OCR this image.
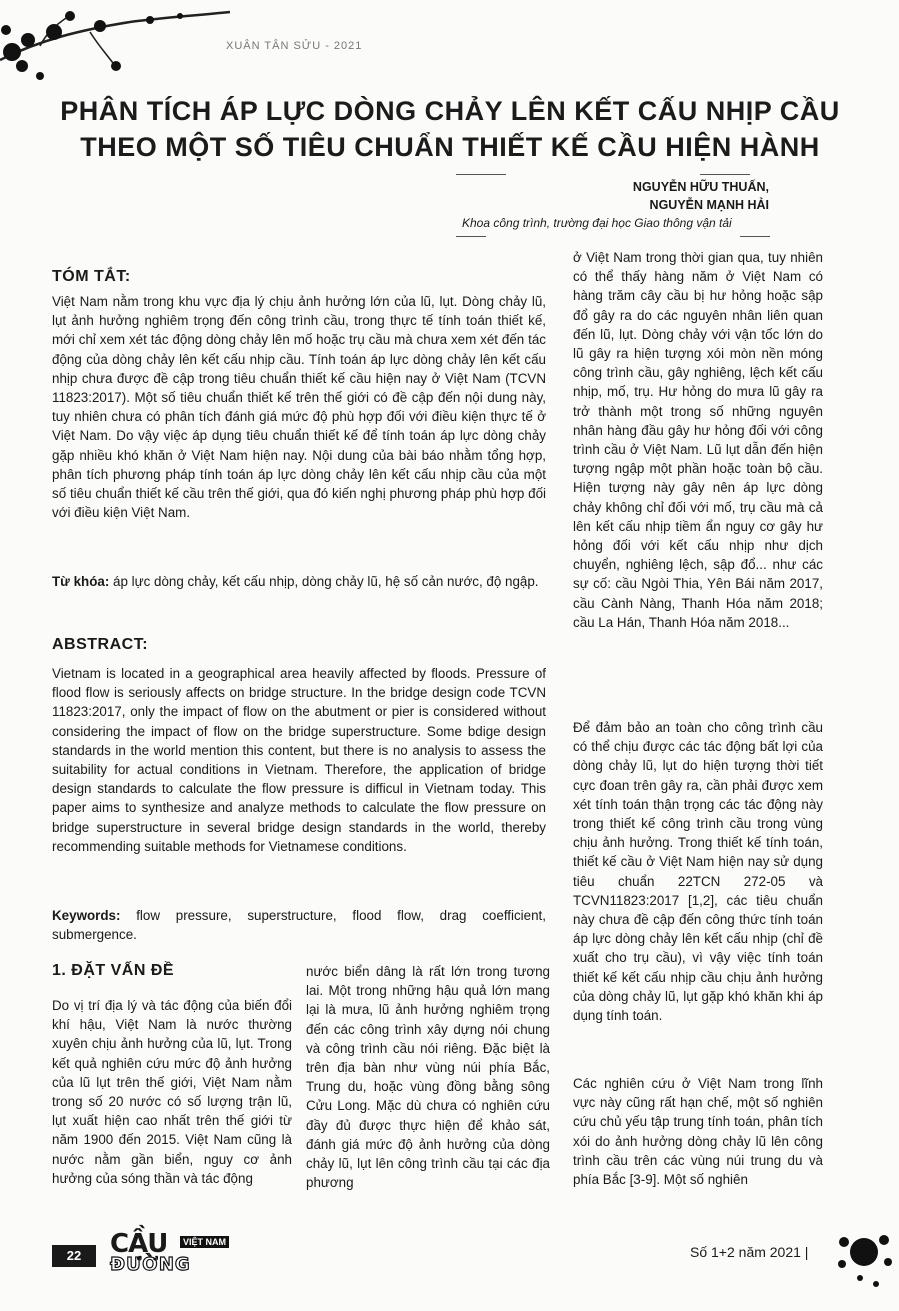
XUÂN TÂN SỬU - 2021
PHÂN TÍCH ÁP LỰC DÒNG CHẢY LÊN KẾT CẤU NHỊP CẦU
THEO MỘT SỐ TIÊU CHUẨN THIẾT KẾ CẦU HIỆN HÀNH
NGUYỄN HỮU THUẤN,
NGUYỄN MẠNH HẢI
Khoa công trình, trường đại học Giao thông vận tải
TÓM TẮT:

Việt Nam nằm trong khu vực địa lý chịu ảnh hưởng lớn của lũ, lụt. Dòng chảy lũ, lụt ảnh hưởng nghiêm trọng đến công trình cầu, trong thực tế tính toán thiết kế, mới chỉ xem xét tác động dòng chảy lên mố hoặc trụ cầu mà chưa xem xét đến tác động của dòng chảy lên kết cấu nhịp cầu. Tính toán áp lực dòng chảy lên kết cấu nhịp chưa được đề cập trong tiêu chuẩn thiết kế cầu hiện nay ở Việt Nam (TCVN 11823:2017). Một số tiêu chuẩn thiết kế trên thế giới có đề cập đến nội dung này, tuy nhiên chưa có phân tích đánh giá mức độ phù hợp đối với điều kiện thực tế ở Việt Nam. Do vậy việc áp dụng tiêu chuẩn thiết kế để tính toán áp lực dòng chảy gặp nhiều khó khăn ở Việt Nam hiện nay. Nội dung của bài báo nhằm tổng hợp, phân tích phương pháp tính toán áp lực dòng chảy lên kết cấu nhịp cầu của một số tiêu chuẩn thiết kế cầu trên thế giới, qua đó kiến nghị phương pháp phù hợp đối với điều kiện Việt Nam.

Từ khóa: áp lực dòng chảy, kết cấu nhịp, dòng chảy lũ, hệ số cản nước, độ ngập.

ABSTRACT:

Vietnam is located in a geographical area heavily affected by floods. Pressure of flood flow is seriously affects on bridge structure. In the bridge design code TCVN 11823:2017, only the impact of flow on the abutment or pier is considered without considering the impact of flow on the bridge superstructure. Some bdige design standards in the world mention this content, but there is no analysis to assess the suitability for actual conditions in Vietnam. Therefore, the application of bridge design standards to calculate the flow pressure is difficul in Vietnam today. This paper aims to synthesize and analyze methods to calculate the flow pressure on bridge superstructure in several bridge design standards in the world, thereby recommending suitable methods for Vietnamese conditions.

Keywords: flow pressure, superstructure, flood flow, drag coefficient, submergence.

ở Việt Nam trong thời gian qua, tuy nhiên có thể thấy hàng năm ở Việt Nam có hàng trăm cây cầu bị hư hỏng hoặc sập đổ gây ra do các nguyên nhân liên quan đến lũ, lụt. Dòng chảy với vận tốc lớn do lũ gây ra hiện tượng xói mòn nền móng công trình cầu, gây nghiêng, lệch kết cấu nhịp, mố, trụ. Hư hỏng do mưa lũ gây ra trở thành một trong số những nguyên nhân hàng đầu gây hư hỏng đối với công trình cầu ở Việt Nam. Lũ lụt dẫn đến hiện tượng ngập một phần hoặc toàn bộ cầu. Hiện tượng này gây nên áp lực dòng chảy không chỉ đối với mố, trụ cầu mà cả lên kết cấu nhịp tiềm ẩn nguy cơ gây hư hỏng đối với kết cấu nhịp như dịch chuyển, nghiêng lệch, sập đổ... như các sự cố: cầu Ngòi Thia, Yên Bái năm 2017, cầu Cành Nàng, Thanh Hóa năm 2018; cầu La Hán, Thanh Hóa năm 2018...

Để đảm bảo an toàn cho công trình cầu có thể chịu được các tác động bất lợi của dòng chảy lũ, lụt do hiện tượng thời tiết cực đoan trên gây ra, cần phải được xem xét tính toán thận trọng các tác động này trong thiết kế công trình cầu trong vùng chịu ảnh hưởng. Trong thiết kế tính toán, thiết kế cầu ở Việt Nam hiện nay sử dụng tiêu chuẩn 22TCN 272-05 và TCVN11823:2017 [1,2], các tiêu chuẩn này chưa đề cập đến công thức tính toán áp lực dòng chảy lên kết cấu nhịp (chỉ đề xuất cho trụ cầu), vì vậy việc tính toán thiết kế kết cấu nhịp cầu chịu ảnh hưởng của dòng chảy lũ, lụt gặp khó khăn khi áp dụng tính toán.

Các nghiên cứu ở Việt Nam trong lĩnh vực này cũng rất hạn chế, một số nghiên cứu chủ yếu tập trung tính toán, phân tích xói do ảnh hưởng dòng chảy lũ lên công trình cầu trên các vùng núi trung du và phía Bắc [3-9]. Một số nghiên

1. ĐẶT VẤN ĐỀ

Do vị trí địa lý và tác động của biến đổi khí hậu, Việt Nam là nước thường xuyên chịu ảnh hưởng của lũ, lụt. Trong kết quả nghiên cứu mức độ ảnh hưởng của lũ lụt trên thế giới, Việt Nam nằm trong số 20 nước có số lượng trận lũ, lụt xuất hiện cao nhất trên thế giới từ năm 1900 đến 2015. Việt Nam cũng là nước nằm gần biển, nguy cơ ảnh hưởng của sóng thần và tác động

nước biển dâng là rất lớn trong tương lai. Một trong những hậu quả lớn mang lại là mưa, lũ ảnh hưởng nghiêm trọng đến các công trình xây dựng nói chung và công trình cầu nói riêng. Đặc biệt là trên địa bàn như vùng núi phía Bắc, Trung du, hoặc vùng đồng bằng sông Cửu Long. Mặc dù chưa có nghiên cứu đầy đủ được thực hiện để khảo sát, đánh giá mức độ ảnh hưởng của dòng chảy lũ, lụt lên công trình cầu tại các địa phương

22	CẦU
ĐƯỜNG
VIỆT NAM
Số 1+2 năm 2021 |
